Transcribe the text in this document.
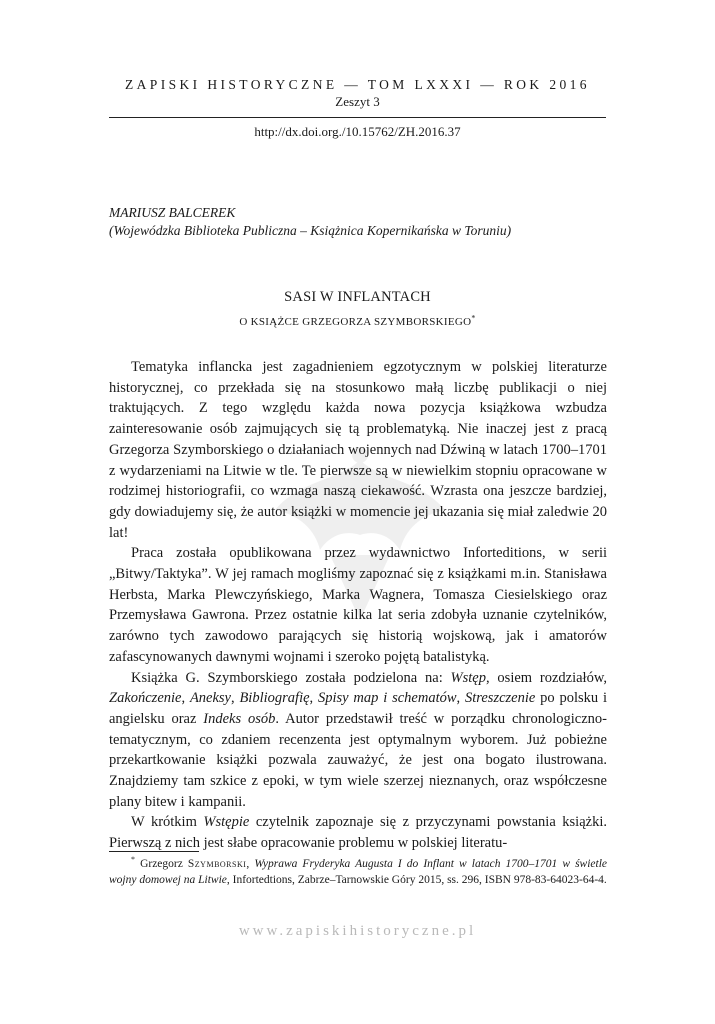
ZAPISKI HISTORYCZNE — TOM LXXXI — ROK 2016
Zeszyt 3
http://dx.doi.org./10.15762/ZH.2016.37
MARIUSZ BALCEREK
(Wojewódzka Biblioteka Publiczna – Książnica Kopernikańska w Toruniu)
SASI W INFLANTACH
O KSIĄŻCE GRZEGORZA SZYMBORSKIEGO*

Tematyka inflancka jest zagadnieniem egzotycznym w polskiej literaturze historycznej, co przekłada się na stosunkowo małą liczbę publikacji o niej traktujących. Z tego względu każda nowa pozycja książkowa wzbudza zainteresowanie osób zajmujących się tą problematyką. Nie inaczej jest z pracą Grzegorza Szymborskiego o działaniach wojennych nad Dźwiną w latach 1700–1701 z wydarzeniami na Litwie w tle. Te pierwsze są w niewielkim stopniu opracowane w rodzimej historiografii, co wzmaga naszą ciekawość. Wzrasta ona jeszcze bardziej, gdy dowiadujemy się, że autor książki w momencie jej ukazania się miał zaledwie 20 lat!

Praca została opublikowana przez wydawnictwo Inforteditions, w serii „Bitwy/Taktyka”. W jej ramach mogliśmy zapoznać się z książkami m.in. Stanisława Herbsta, Marka Plewczyńskiego, Marka Wagnera, Tomasza Ciesielskiego oraz Przemysława Gawrona. Przez ostatnie kilka lat seria zdobyła uznanie czytelników, zarówno tych zawodowo parających się historią wojskową, jak i amatorów zafascynowanych dawnymi wojnami i szeroko pojętą batalistyką.

Książka G. Szymborskiego została podzielona na: Wstęp, osiem rozdziałów, Zakończenie, Aneksy, Bibliografię, Spisy map i schematów, Streszczenie po polsku i angielsku oraz Indeks osób. Autor przedstawił treść w porządku chronologiczno-tematycznym, co zdaniem recenzenta jest optymalnym wyborem. Już pobieżne przekartkowanie książki pozwala zauważyć, że jest ona bogato ilustrowana. Znajdziemy tam szkice z epoki, w tym wiele szerzej nieznanych, oraz współczesne plany bitew i kampanii.

W krótkim Wstępie czytelnik zapoznaje się z przyczynami powstania książki. Pierwszą z nich jest słabe opracowanie problemu w polskiej literatu-

* Grzegorz Szymborski, Wyprawa Fryderyka Augusta I do Inflant w latach 1700–1701 w świetle wojny domowej na Litwie, Infortedtions, Zabrze–Tarnowskie Góry 2015, ss. 296, ISBN 978-83-64023-64-4.

www.zapiskihistoryczne.pl
